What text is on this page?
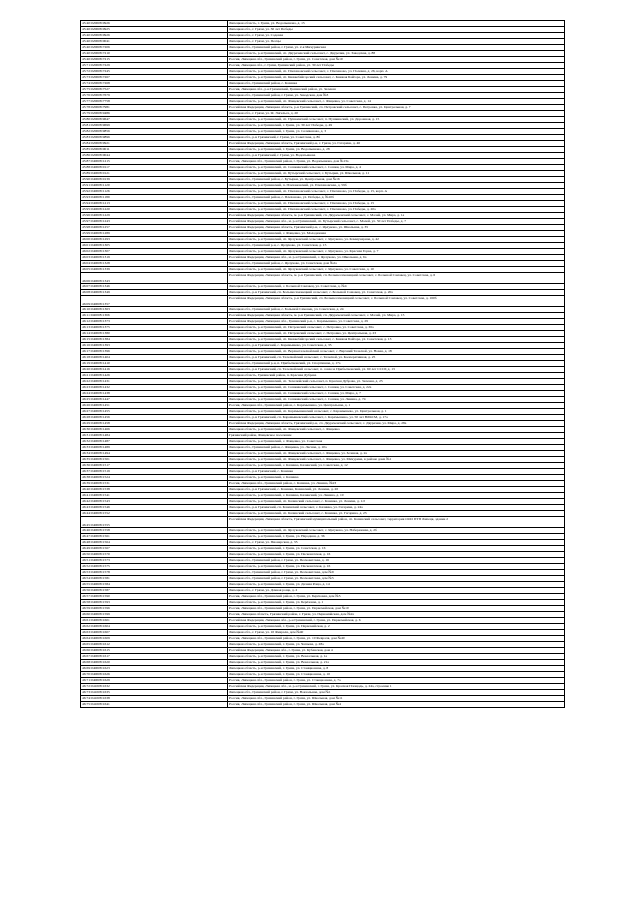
45:40:020008:0926	Липецкая область, г. Грязи, ул. Водопьянова, д. 15
45:40:020008:0925	Липецкая обл., г. Грязи, ул. 30 лет Победы
45:40:020008:0926	Липецкая обл., г. Грязи, ул. Садовая
45:40:020008:0041	Липецкая обл., г. Грязи, ул. Песцы
45:40:020008:7206	Липецкая обл., Грязинский район, г. Грязи, ул. 2-я Мичуринская
45:40:020008:7210	Липецкая область, р-н Грязинский, сп. Двуреченский сельсовет, с. Двуречки, ул. Заводская, д. 88
45:40:020008:7215	Россия, Липецкая обл., Грязинский район, г. Грязи, ул. Советская, дом №10
45:71:020008:7229	Россия, Липецкая обл., г. Грязи, Грязинский район, ул. 30 лет Победы
45:72:020008:7245	Липецкая область, р-н Грязинский, сп. Плехановский сельсовет, с. Плеханово, ул. Полевая, д. 26, корп. А
45:73:020008:7267	Липецкая область, р-н Грязинский, сп. Княжебайгорский сельсовет, с. Княжая Байгора, ул. Ленина, д. 79
45:74:020008:7268	Липецкая обл., Грязинский район, с. Казинка
45:75:020008:7527	Россия, Липецкая обл., р-н Грязинский, Грязинский район, ул. Зеленая
45:76:020008:7679	Липецкая обл., Грязинский район, г. Грязи, ул. Заводская, дом №3
45:77:020008:7758	Липецкая область, р-н Грязинский, сп. Фащевский сельсовет, с. Фащевка, ул. Советская, д. 14
45:78:020008:7981	Российская Федерация, Липецкая область, р-н Грязинский, сп. Петровский сельсовет, с. Петровка, ул. Центральная, д. 7
45:79:020008:9486	Липецкая обл., г. Грязи, ул. Ф. Энгельса, д. 20
45:80:020008:9647	Липецкая область, р-н Грязинский, сп. Пушкинский сельсовет, п. Пушкинский, ул. Дорожная, д. 15
45:81:020008:9699	Липецкая область, р-н Грязинский, г. Грязи, ул. 30 лет Победы, д. 49
45:82:020008:9856	Липецкая область, р-н Грязинский, г. Грязи, ул. Селиванова, д. 3
45:83:020008:9896	Липецкая обл., р-н Грязинский, г. Грязи, ул. Советская, д. 8б
45:84:020008:9921	Российская Федерация, Липецкая область, Грязинский р-н, г. Грязи, ул. Гагарина, д. 46
45:85:020008:0011	Липецкая область, р-н Грязинский, г. Грязи, ул. Водопьянова, д. 28
45:86:020008:0044	Липецкая обл., р-н Грязинский, г. Грязи, ул. Водопьянова
45:87:040008:1215	Россия, Липецкая обл., Грязинский район, г. Грязи, ул. Водопьянова, дом №13а
45:88:040008:0117	Липецкая область, р-н Грязинский, сп. Сошкинский сельсовет, с. Сошки, ул. Мира, д. 4
45:89:040008:0121	Липецкая область, р-н Грязинский, сп. Бутырский сельсовет, с. Бутырки, ул. Школьная, д. 11
45:90:040008:0139	Липецкая обл., Грязинский район, с. Бутырки, ул. Центральная, дом №16
45:91:040008:1120	Липецкая область, р-н Грязинский, п. Плехановский, ул. Плехановская, д. 59б
45:92:040008:1126	Липецкая область, р-н Грязинский, сп. Плехановский сельсовет, с. Плеханово, ул. Победы, д. 15, корп. А
45:93:040008:1189	Липецкая обл., Грязинский район, с. Плеханово, ул. Победы, д. №10б
45:94:040008:1213	Липецкая область, р-н Грязинский, сп. Плехановский сельсовет, с. Плеханово, ул. Победы, д. 15
45:95:040008:1220	Липецкая область, р-н Грязинский, сп. Плехановский сельсовет, с. Плеханово, ул. Победы, д. 20а
45:96:040008:1229	Российская Федерация, Липецкая область, м. р-н Грязинский, сп. Двуреченский сельсовет, с. Малей, ул. Мира, д. 1а
45:97:040008:1243	Российская Федерация, Липецкая обл., м. р-н Грязинский, сп. Бутырский сельсовет, с. Малей, ул. 50 лет Победы, д. 7
45:98:040008:1257	Российская Федерация, Липецкая область, Грязинский р-н, с. Ярлуково, ул. Школьная, д. 35
45:99:040008:1289	Липецкая область, р-н Грязинский, с. Фащевка, ул. Молодежная
46:00:040008:1293	Липецкая область, р-н Грязинский, сп. Ярлуковский сельсовет, с. Ярлуково, ул. Коммунарная, д. 42
46:01:040008:1305	Липецкая обл., Грязинский р-н, с. Ярлуково, ул. Советская, д. 15
46:02:040008:1307	Липецкая область, р-н Грязинский, сп. Ярлуковский сельсовет, с. Ярлуково, ул. Красная Горка, д. 7
46:03:040008:1319	Российская Федерация, Липецкая обл., м. р-н Грязинский, с. Ярлуково, ул. Школьная, д. 6а
46:04:040008:1328	Липецкая обл., Грязинский район, с. Ярлуково, ул. Советская, дом №2а
46:05:040008:1339	Липецкая область, р-н Грязинский, сп. Ярлуковский сельсовет, с. Ярлуково, ул. Советская, д. 10
46:06:040008:1343	Российская Федерация, Липецкая область, м. р-н Грязинский, сп. Большесамовецкий сельсовет, с. Большой Самовец, ул. Советская, д. 6
46:07:040008:1346	Липецкая область, р-н Грязинский, с. Большой Самовец, ул. Советская, д. №4
46:08:040008:1349	Липецкая обл., р-н Грязинский, сп. Большесамовецкий сельсовет, с. Большой Самовец, ул. Советская, д. 20а
46:09:040008:1357	Российская Федерация, Липецкая область, р-н Грязинский, сп. Большесамовецкий сельсовет, с. Большой Самовец, ул. Советская, д. 160б
46:10:040008:1363	Липецкая обл., Грязинский район, с. Большой Самовец, ул. Советская, д. 24
46:11:040008:1366	Российская Федерация, Липецкая область, м. р-н Грязинский, сп. Двуреченский сельсовет, с. Малей, ул. Мира, д. 15
46:12:040008:1373	Российская Федерация, Липецкая обл., Грязинский р-н, с. Карамышево, ул. Советская, д. 29
46:13:040008:1375	Липецкая область, р-н Грязинский, сп. Петровский сельсовет, с. Петровка, ул. Советская, д. 36а
46:14:040008:1380	Липецкая область, р-н Грязинский, сп. Петровский сельсовет, с. Петровка, ул. Центральная, д. 23
46:15:040008:1384	Липецкая область, р-н Грязинский, сп. Княжебайгорский сельсовет, с. Княжая Байгора, ул. Советская, д. 13
46:16:040008:1393	Липецкая обл., р-н Грязинский, с. Карамышево, ул. Советская, д. 35
46:17:040008:1396	Липецкая область, р-н Грязинский, сп. Верхнетелелюйский сельсовет, с. Верхний Телелюй, ул. Новая, д. 18
46:18:040008:1404	Липецкая обл., р-н Грязинский, сп. Телелюйский сельсовет, с. Телелюй, ул. Кооперативная, д. 25
46:19:040008:1410	Липецкая обл., Грязинский р-н, п. Прибытковский, ул. Спортивная, д. 17а
46:20:040008:1416	Липецкая обл., р-н Грязинский, сп. Телелюйский сельсовет, п. совхоза Прибытковский, ул. 60 лет СССР, д. 13
46:21:040008:1426	Липецкая область, Грязинский район, п. Красная Дубрава
46:22:040008:1431	Липецкая область, р-н Грязинский, сп. Телелюйский сельсовет, п. Красная Дубрава, ул. Зеленая, д. 25
46:23:040008:1432	Липецкая область, р-н Грязинский, сп. Сошкинский сельсовет, с. Сошки, ул. Советская, д. 22а
46:24:040008:1438	Липецкая область, р-н Грязинский, сп. Сошкинский сельсовет, с. Сошки, ул. Мира, д. 7
46:25:040008:1447	Липецкая область, р-н Грязинский, сп. Сошкинский сельсовет, с. Сошки, ул. Ленина, д. 74
46:26:040008:1451	Россия, Липецкая обл., Грязинский район, с. Карамышево, ул. Центральная, д. 1
46:27:040008:1455	Липецкая область, р-н Грязинский, сп. Карамышевский сельсовет, с. Карамышево, ул. Центральная, д. 1
46:28:040008:1456	Липецкая обл., р-н Грязинский, сп. Карамышевский сельсовет, с. Карамышево, ул. 50 лет ВЛКСМ, д. 17а
46:29:040008:1458	Российская Федерация, Липецкая область, Грязинский р-н, сп. Двуреченский сельсовет, с. Двуречки, ул. Мира, д. 28а
46:30:040008:1466	Липецкая область, р-н Грязинский, сп. Фащевский сельсовет, с. Фащевка
46:31:040008:1484	Грязинский район, Фащевское поселение
46:32:040008:1487	Липецкая область, р-н Грязинский, с. Фащевка, ул. Советская
46:33:040008:1489	Липецкая обл., Грязинский район, с. Фащевка, ул. Лесная, д. 10а
46:34:040008:1494	Липецкая область, р-н Грязинский, сп. Фащевский сельсовет, с. Фащевка, ул. Зеленая, д. 2а
46:35:040008:1501	Липецкая область, р-н Грязинский, сп. Фащевский сельсовет, с. Фащевка, ул. Мичурина, в районе дома №1
46:36:040008:1517	Липецкая область, р-н Грязинский, с. Казинка, Казинский, ул. Советская, д. 12
46:37:040008:1519	Липецкая обл., р-н Грязинский, с. Казинка
46:38:040008:1524	Липецкая область, р-н Грязинский, с. Казинка
46:39:040008:1531	Россия, Липецкая обл., Грязинский район, с. Казинка, ул. Ленина, №23
46:40:040008:1538	Липецкая обл., р-н Грязинский, с. Казинка, Казинский, ул. Ленина, д. 20
46:41:040008:1541	Липецкая область, р-н Грязинский, с. Казинка, Казинский, ул. Ленина, д. 10
46:42:040008:1543	Липецкая область, р-н Грязинский, сп. Казинский сельсовет, с. Казинка, ул. Ленина, д. 1/2
46:43:040008:1546	Липецкая обл., р-н Грязинский, сп. Казинский сельсовет, с. Казинка, ул. Гагарина, д. 24а
46:44:040008:1552	Липецкая область, р-н Грязинский, сп. Казинский сельсовет, с. Казинка, ул. Гагарина, д. 23
46:45:040008:1555	Российская Федерация, Липецкая область, Грязинский муниципальный район, сп. Казинский сельсовет, территория ООО ПТП Липецк, здание 2
46:46:040008:1558	Липецкая область, р-н Грязинский, сп. Ярлуковский сельсовет, с. Ярлуково, ул. Набережная, д. 2б
46:47:040008:1561	Липецкая область, р-н Грязинский, г. Грязи, ул. Народная, д. 36
46:48:040008:1564	Липецкая обл., г. Грязи, ул. Пионерская, д. 35
46:49:040008:1567	Липецкая область, р-н Грязинский, г. Грязи, ул. Советская, д. 16
46:50:040008:1570	Липецкая область, р-н Грязинский, г. Грязи, ул. Песковатская, д. 16
46:51:040008:1573	Липецкая обл., Грязинский район, г. Грязи, ул. Песковатская, д. 16
46:52:040008:1575	Липецкая область, р-н Грязинский, г. Грязи, ул. Песковатская, д. 16
46:53:040008:1578	Липецкая обл., Грязинский район, г. Грязи, ул. Песковатская, дом №9
46:54:040008:1581	Липецкая обл., Грязинский район, г. Грязи, ул. Песковатская, дом №5
46:55:040008:1584	Липецкая область, р-н Грязинский, г. Грязи, ул. Дачная Роща, д. 14
46:56:040008:1587	Липецкая обл., г. Грязи, ул. Дачная роща, д. 2
46:57:040008:1590	Россия, Липецкая обл., Грязинский район, г. Грязи, ул. Берёзовая, дом №5
46:58:040008:1593	Липецкая область, р-н Грязинский, г. Грязи, ул. Берёзовая, д. 1
46:59:040008:1596	Россия, Липецкая обл., Грязинский район, г. Грязи, ул. Первомайская, дом №10
46:60:040008:1599	Россия, Липецкая область, Грязинский район, г. Грязи, ул. Первомайская, дом №2а
46:61:040008:1601	Российская Федерация, Липецкая обл., р-н Грязинский, г. Грязи, ул. Первомайская, д. 6
46:62:040008:1604	Липецкая область, р-н Грязинский, г. Грязи, ул. Первомайская, д. 2
46:63:040008:1607	Липецкая обл., г. Грязи, ул. 10 Февраля, дом №40
46:64:040008:1609	Россия, Липецкая обл., Грязинский район, г. Грязи, ул. 10 Февраля, дом №40
46:65:040008:1612	Липецкая область, р-н Грязинский, г. Грязи, ул. Чапаева, д. 28а
46:66:040008:1615	Российская Федерация, Липецкая обл., г. Грязи, ул. Кубанская, дом 4
46:67:040008:1617	Липецкая область, р-н Грязинский, г. Грязи, ул. Вокзальная, д. 1а
46:68:040008:1620	Липецкая область, р-н Грязинский, г. Грязи, ул. Вокзальная, д. 21а
46:69:040008:1623	Липецкая область, р-н Грязинский, г. Грязи, ул. Станционная, д. 8
46:70:040008:1626	Липецкая область, р-н Грязинский, г. Грязи, ул. Станционная, д. 10
46:71:040008:1629	Россия, Липецкая обл., Грязинский район, г. Грязи, ул. Станционная, д. 7а
46:72:041008:1632	Российская Федерация, Липецкая обл., м. р-н Грязинский, г. Грязи, ул. Красная Площадь, д. 24а, строение 1
46:73:041008:1635	Липецкая обл., Грязинский район, г. Грязи, ул. Вокзальная, дом №1
46:74:041008:1638	Россия, Липецкая обл., Грязинский район, г. Грязи, ул. Школьная, дом №11
46:75:041008:1641	Россия, Липецкая обл., Грязинский район, г. Грязи, ул. Школьная, дом №4
